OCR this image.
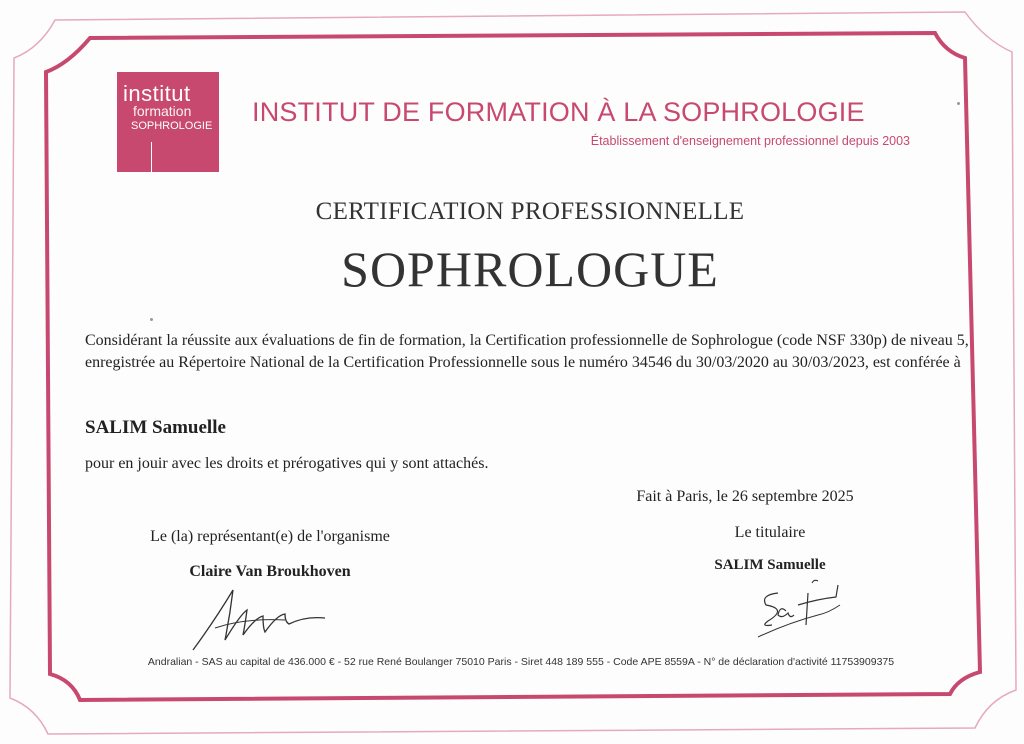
institut
formation
SOPHROLOGIE INSTITUT DE FORMATION À LA SOPHROLOGIE
Établissement d'enseignement professionnel depuis 2003
CERTIFICATION PROFESSIONNELLE
SOPHROLOGUE
Considérant la réussite aux évaluations de fin de formation, la Certification professionnelle de Sophrologue (code NSF 330p) de niveau 5, enregistrée au Répertoire National de la Certification Professionnelle sous le numéro 34546 du 30/03/2020 au 30/03/2023, est conférée à
SALIM Samuelle
pour en jouir avec les droits et prérogatives qui y sont attachés.
Fait à Paris, le 26 septembre 2025
Le (la) représentant(e) de l'organisme
Claire Van Broukhoven
Le titulaire
SALIM Samuelle
Andralian - SAS au capital de 436.000 € - 52 rue René Boulanger 75010 Paris - Siret 448 189 555 - Code APE 8559A - N° de déclaration d'activité 11753909375
